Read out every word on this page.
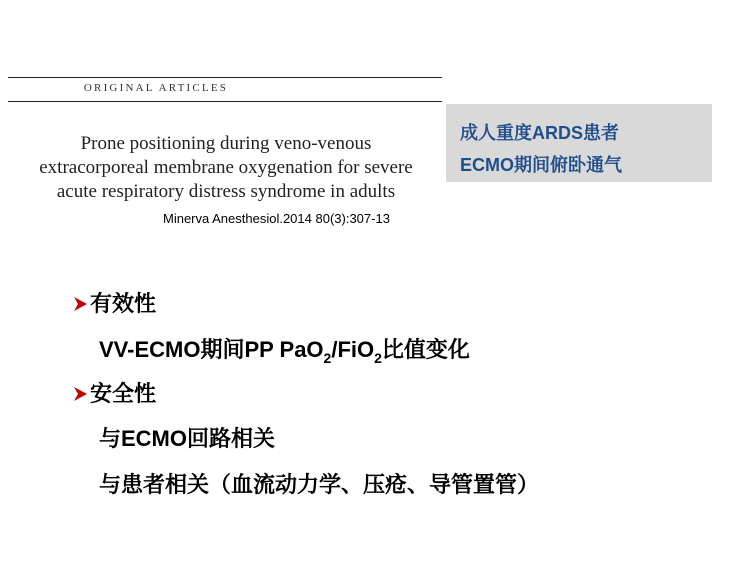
ORIGINAL ARTICLES
Prone positioning during veno-venous
extracorporeal membrane oxygenation for severe
acute respiratory distress syndrome in adults
Minerva Anesthesiol.2014 80(3):307-13
成人重度ARDS患者
ECMO期间俯卧通气
有效性
VV-ECMO期间PP PaO$_2$/FiO$_2$比值变化
安全性
与ECMO回路相关
与患者相关（血流动力学、压疮、导管置管）
